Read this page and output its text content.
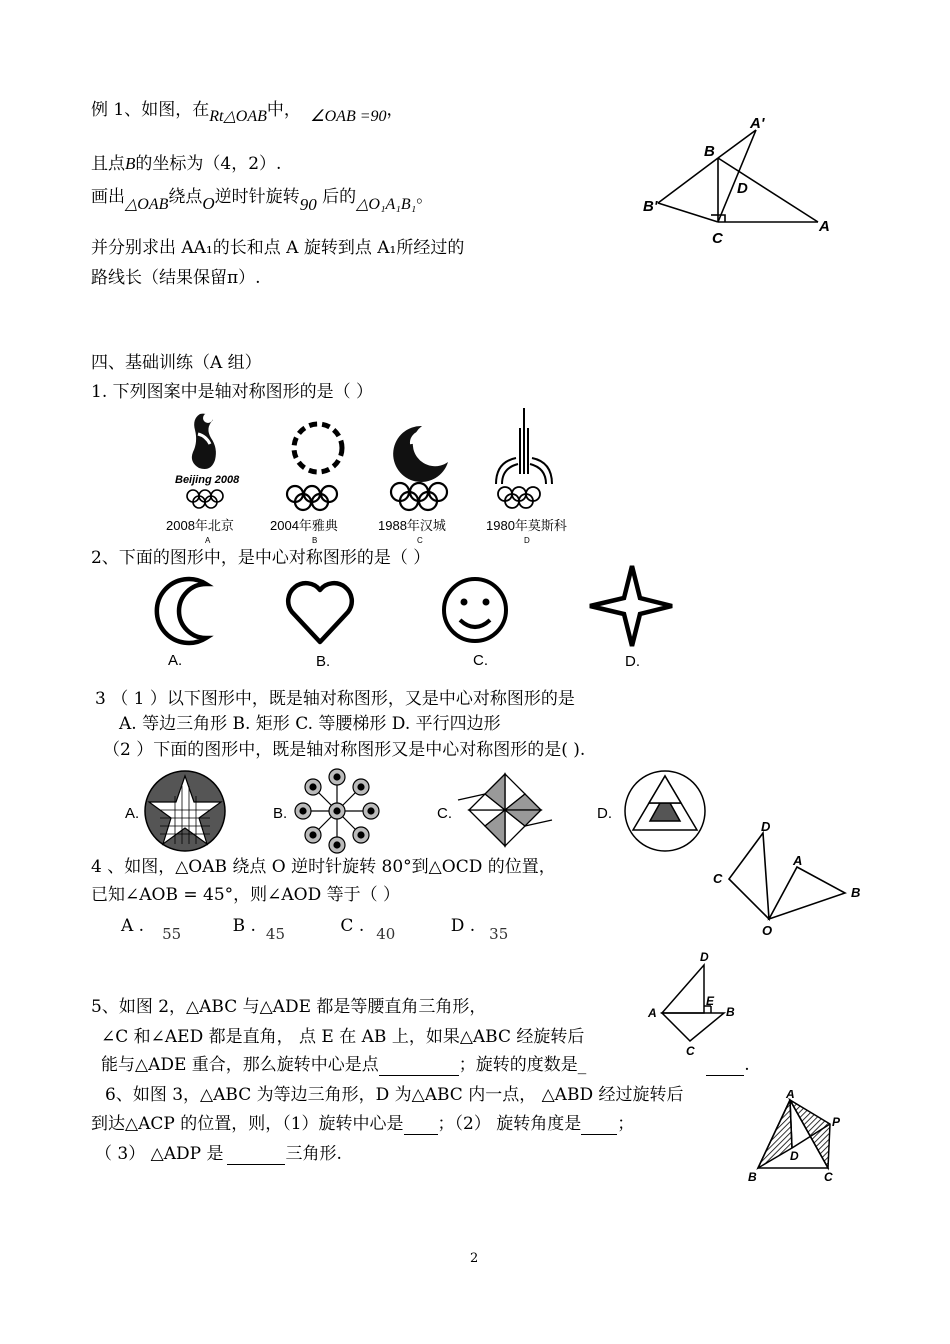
例 1、如图，在Rt△OAB中， ∠OAB =90，
且点B的坐标为（4，2）.
画出△OAB绕点O逆时针旋转90 后的△O₁A₁B₁。
并分别求出 AA₁的长和点 A 旋转到点 A₁所经过的
路线长（结果保留π）.
A'
B
D
B'
C
A
四、基础训练（A 组）
1. 下列图案中是轴对称图形的是（ ）
Beijing 2008
2008年北京	2004年雅典	1988年汉城	1980年莫斯科
A	B	C	D
2、下面的图形中，是中心对称图形的是（ ）
A.	B.	C.	D.
3 （ 1 ）以下图形中，既是轴对称图形，又是中心对称图形的是
A. 等边三角形 B. 矩形 C. 等腰梯形 D. 平行四边形
（2 ）下面的图形中，既是轴对称图形又是中心对称图形的是( ).
A.	B.	C.	D.
4 、如图，△OAB 绕点 O 逆时针旋转 80°到△OCD 的位置，
已知∠AOB = 45°，则∠AOD 等于（ ）
A . 55	B . 45	C . 40	D . 35
D
C
A
B
O
5、如图 2，△ABC 与△ADE 都是等腰直角三角形，
∠C 和∠AED 都是直角， 点 E 在 AB 上，如果△ABC 经旋转后
能与△ADE 重合，那么旋转中心是点	；旋转的度数是_	.
D
A
E
B
C
6、如图 3，△ABC 为等边三角形，D 为△ABC 内一点， △ABD 经过旋转后
到达△ACP 的位置，则，（1）旋转中心是 ；（2） 旋转角度是 ；
（ 3） △ADP 是	三角形.
A
P
D
B	C
2
